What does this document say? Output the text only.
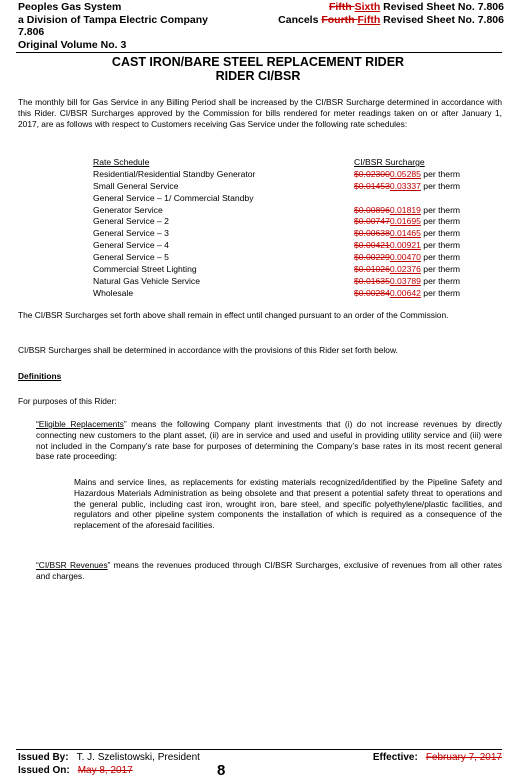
Peoples Gas System
a Division of Tampa Electric Company
7.806
Original Volume No. 3
Fifth Sixth Revised Sheet No. 7.806
Cancels Fourth Fifth Revised Sheet No. 7.806
CAST IRON/BARE STEEL REPLACEMENT RIDER
RIDER CI/BSR
The monthly bill for Gas Service in any Billing Period shall be increased by the CI/BSR Surcharge determined in accordance with this Rider. CI/BSR Surcharges approved by the Commission for bills rendered for meter readings taken on or after January 1, 2017, are as follows with respect to Customers receiving Gas Service under the following rate schedules:
Rate Schedule
Residential/Residential Standby Generator
Small General Service
General Service – 1/ Commercial Standby
Generator Service
General Service – 2
General Service – 3
General Service – 4
General Service – 5
Commercial Street Lighting
Natural Gas Vehicle Service
Wholesale
CI/BSR Surcharge
$0.023000.05285 per therm
$0.014530.03337 per therm
$0.008960.01819 per therm
$0.007470.01695 per therm
$0.006380.01465 per therm
$0.004210.00921 per therm
$0.002290.00470 per therm
$0.010260.02376 per therm
$0.016350.03789 per therm
$0.002840.00642 per therm
The CI/BSR Surcharges set forth above shall remain in effect until changed pursuant to an order of the Commission.
CI/BSR Surcharges shall be determined in accordance with the provisions of this Rider set forth below.
Definitions
For purposes of this Rider:
“Eligible Replacements” means the following Company plant investments that (i) do not increase revenues by directly connecting new customers to the plant asset, (ii) are in service and used and useful in providing utility service and (iii) were not included in the Company’s rate base for purposes of determining the Company’s base rates in its most recent general base rate proceeding:
Mains and service lines, as replacements for existing materials recognized/identified by the Pipeline Safety and Hazardous Materials Administration as being obsolete and that present a potential safety threat to operations and the general public, including cast iron, wrought iron, bare steel, and specific polyethylene/plastic facilities, and regulators and other pipeline system components the installation of which is required as a consequence of the replacement of the aforesaid facilities.
“CI/BSR Revenues” means the revenues produced through CI/BSR Surcharges, exclusive of revenues from all other rates and charges.
Issued By: T. J. Szelistowski, President
Issued On: May 8, 2017	8
Effective: February 7, 2017
